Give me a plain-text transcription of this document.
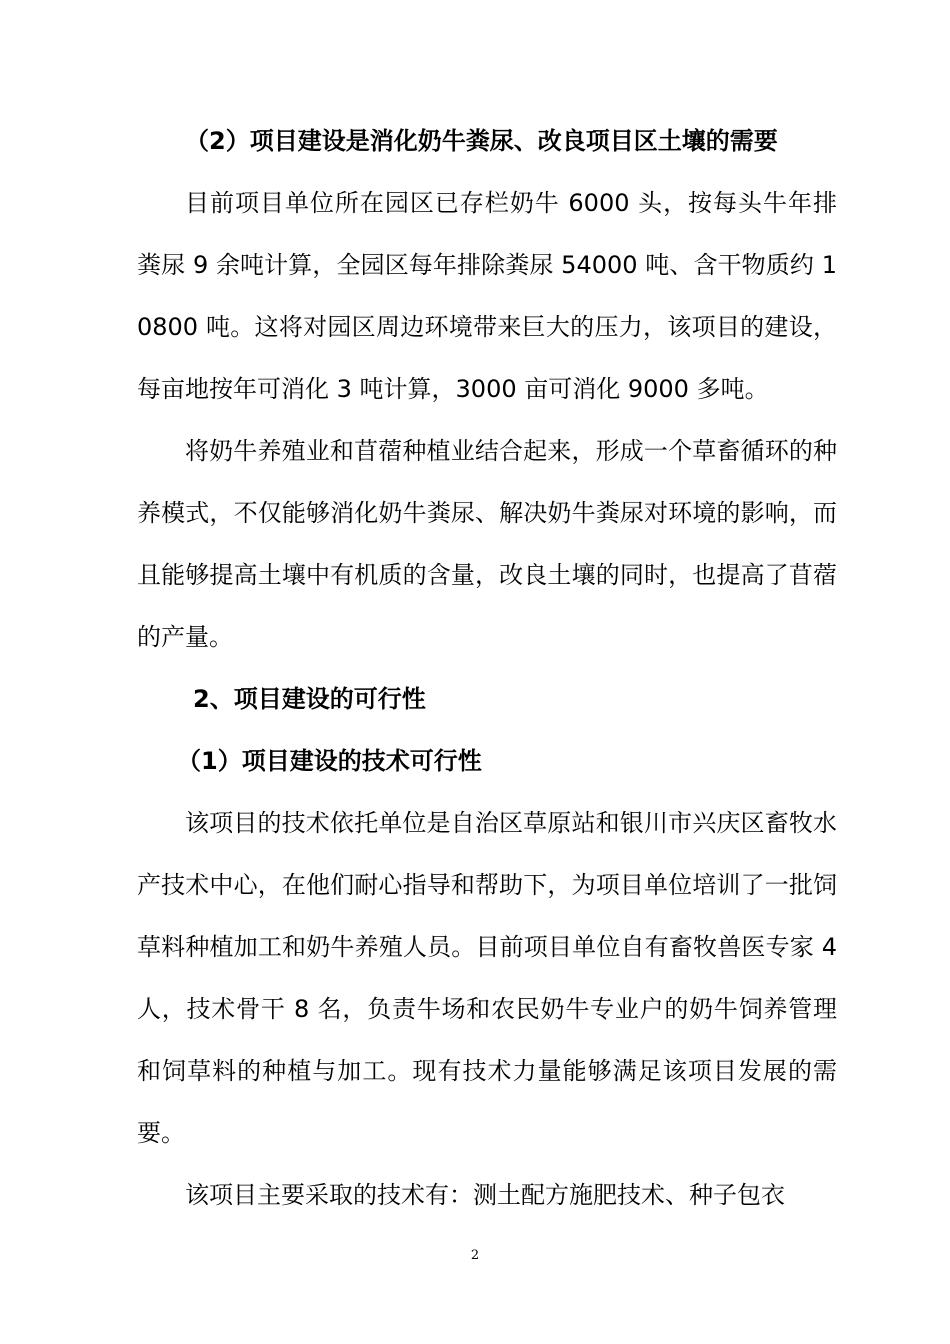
（2）项目建设是消化奶牛粪尿、改良项目区土壤的需要

目前项目单位所在园区已存栏奶牛 6000 头，按每头牛年排粪尿 9 余吨计算，全园区每年排除粪尿 54000 吨、含干物质约 10800 吨。这将对园区周边环境带来巨大的压力，该项目的建设，每亩地按年可消化 3 吨计算，3000 亩可消化 9000 多吨。

将奶牛养殖业和苜蓿种植业结合起来，形成一个草畜循环的种养模式，不仅能够消化奶牛粪尿、解决奶牛粪尿对环境的影响，而且能够提高土壤中有机质的含量，改良土壤的同时，也提高了苜蓿的产量。

2、项目建设的可行性
（1）项目建设的技术可行性

该项目的技术依托单位是自治区草原站和银川市兴庆区畜牧水产技术中心，在他们耐心指导和帮助下，为项目单位培训了一批饲草料种植加工和奶牛养殖人员。目前项目单位自有畜牧兽医专家 4 人，技术骨干 8 名，负责牛场和农民奶牛专业户的奶牛饲养管理和饲草料的种植与加工。现有技术力量能够满足该项目发展的需要。

该项目主要采取的技术有：测土配方施肥技术、种子包衣

2
